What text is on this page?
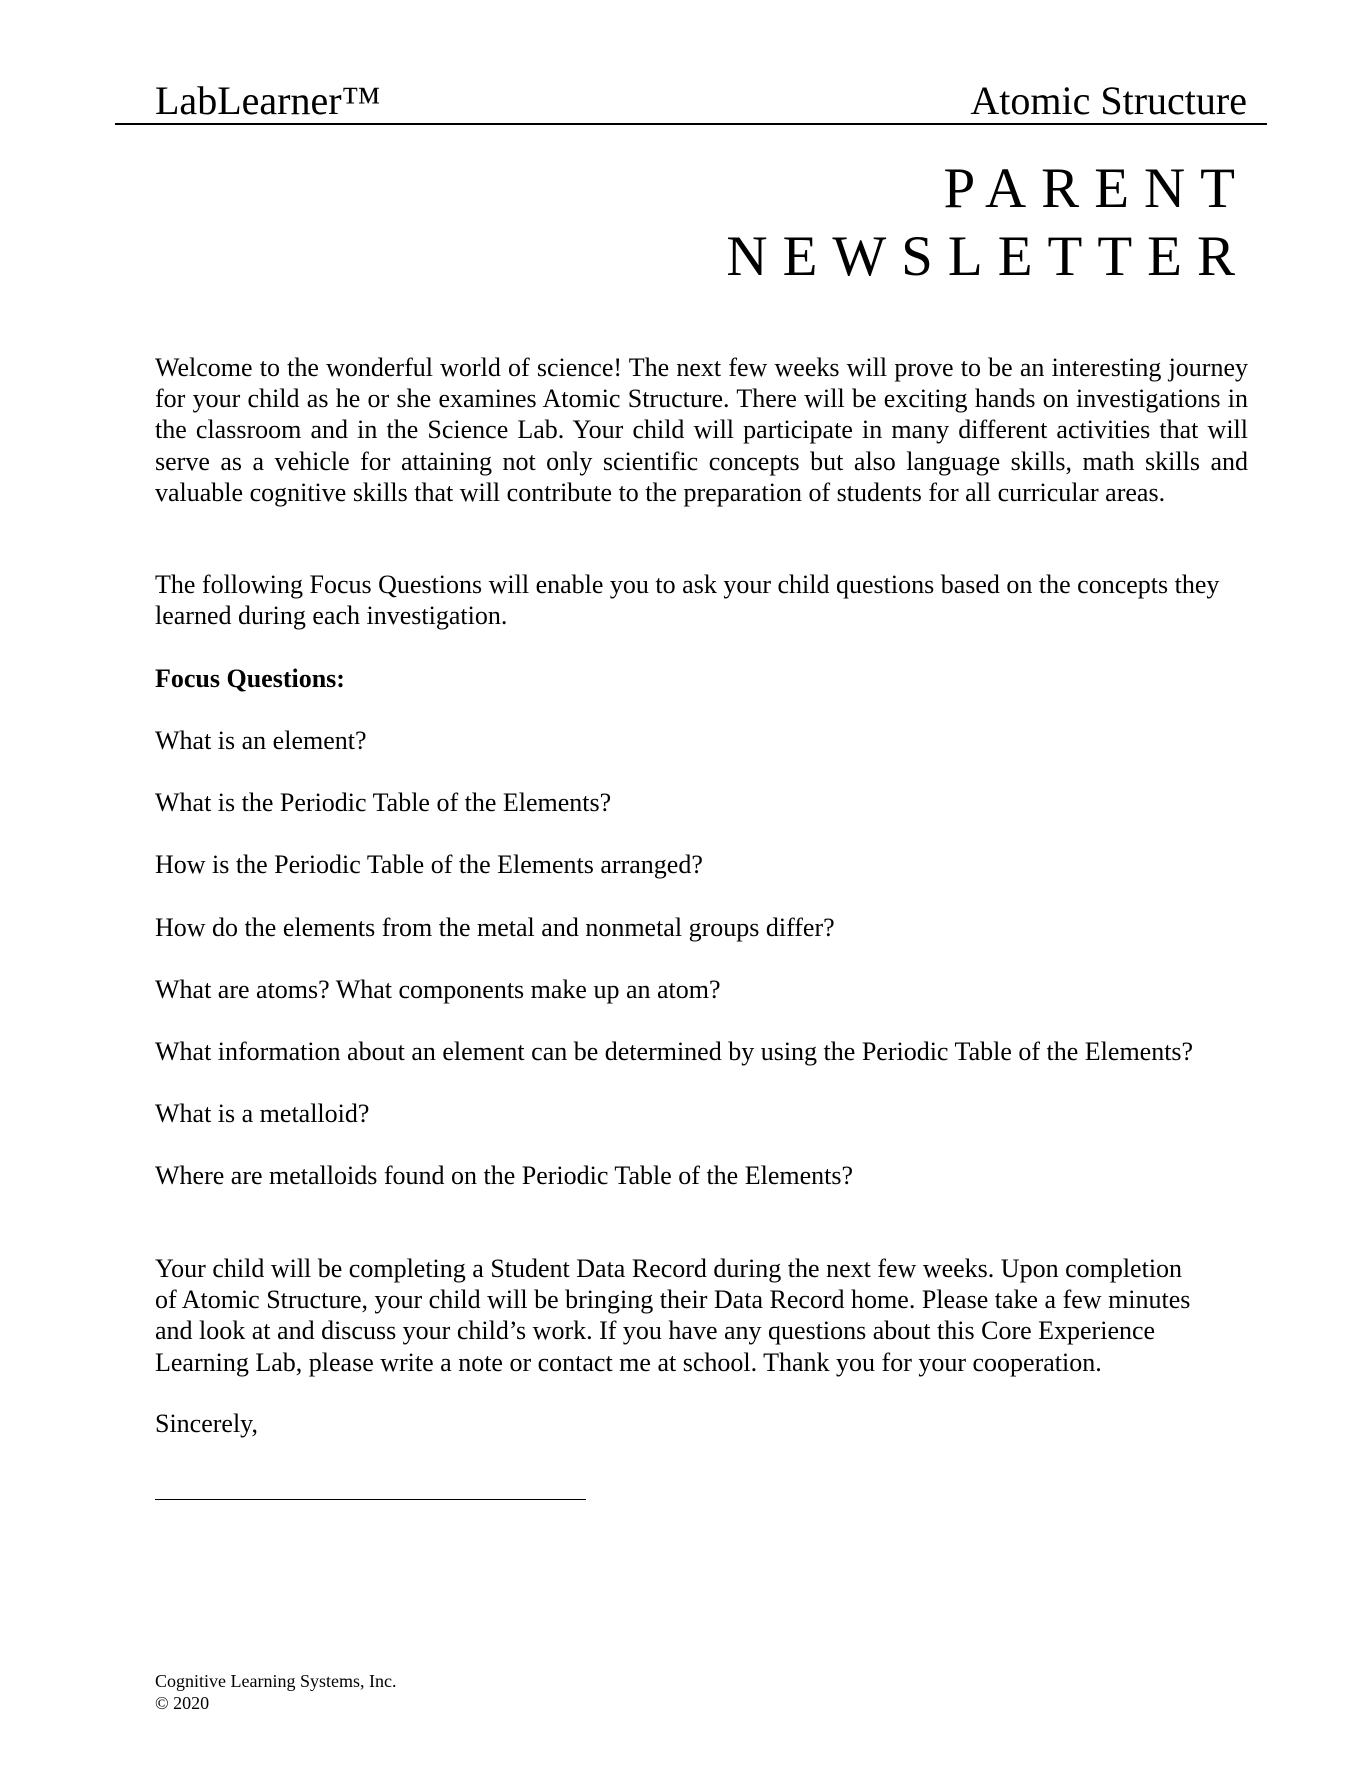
LabLearner™	Atomic Structure
PARENT
NEWSLETTER

Welcome to the wonderful world of science! The next few weeks will prove to be an interesting journey for your child as he or she examines Atomic Structure. There will be exciting hands on investigations in the classroom and in the Science Lab. Your child will participate in many different activities that will serve as a vehicle for attaining not only scientific concepts but also language skills, math skills and valuable cognitive skills that will contribute to the preparation of students for all curricular areas.

The following Focus Questions will enable you to ask your child questions based on the concepts they learned during each investigation.

Focus Questions:

What is an element?
What is the Periodic Table of the Elements?
How is the Periodic Table of the Elements arranged?
How do the elements from the metal and nonmetal groups differ?
What are atoms? What components make up an atom?
What information about an element can be determined by using the Periodic Table of the Elements?
What is a metalloid?
Where are metalloids found on the Periodic Table of the Elements?

Your child will be completing a Student Data Record during the next few weeks. Upon completion
of Atomic Structure, your child will be bringing their Data Record home. Please take a few minutes
and look at and discuss your child’s work. If you have any questions about this Core Experience
Learning Lab, please write a note or contact me at school. Thank you for your cooperation.

Sincerely,

Cognitive Learning Systems, Inc.
© 2020
